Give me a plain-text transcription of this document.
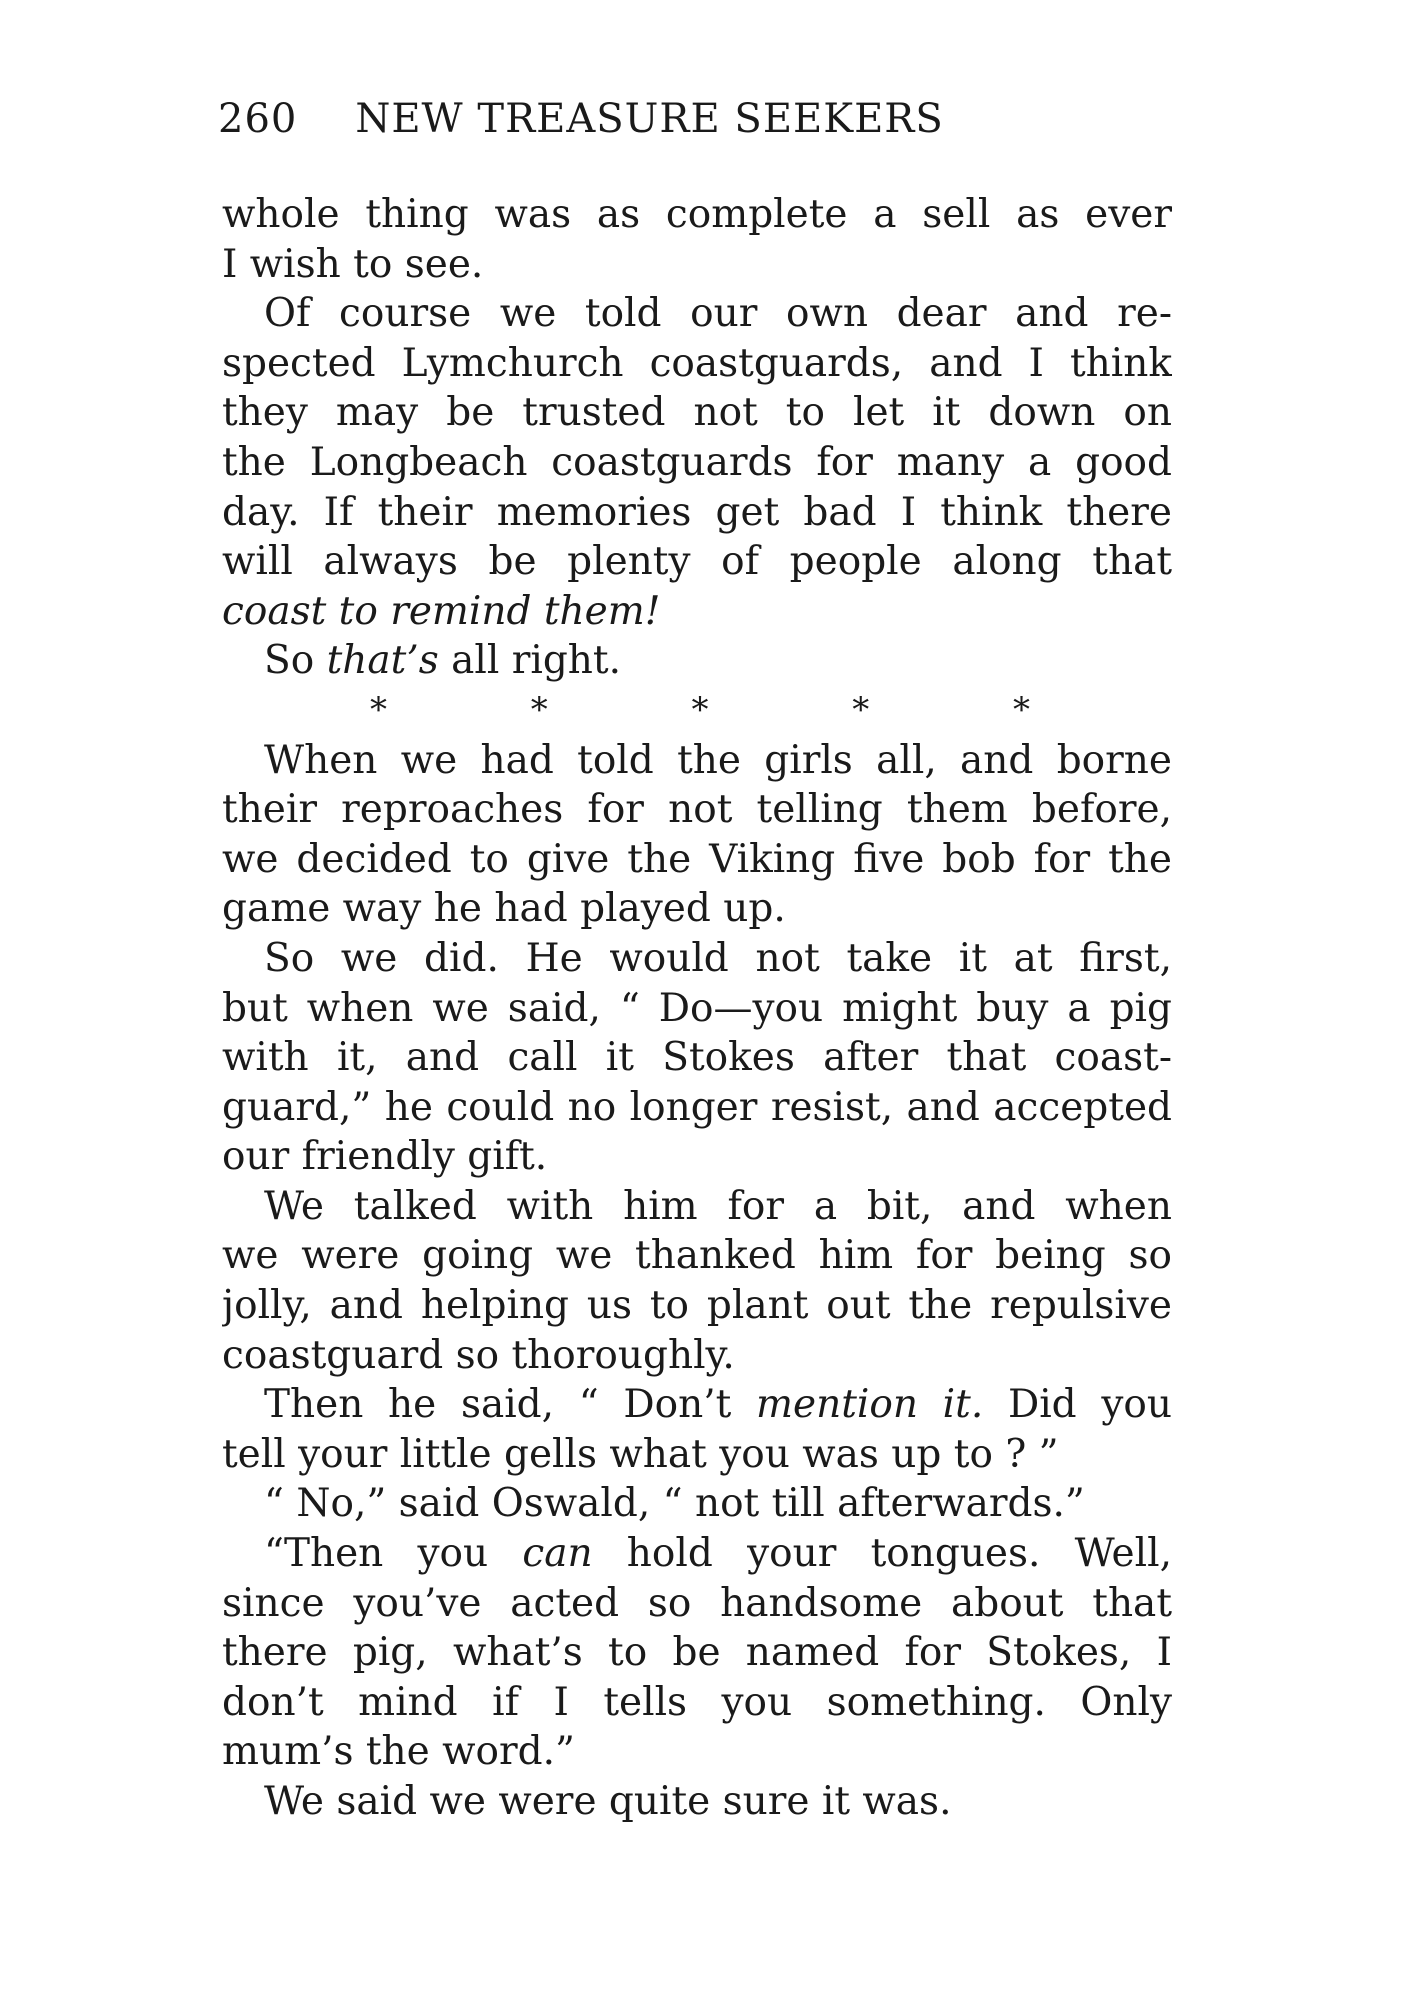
260 NEW TREASURE SEEKERS
whole thing was as complete a sell as ever
I wish to see.
Of course we told our own dear and re-
spected Lymchurch coastguards, and I think
they may be trusted not to let it down on
the Longbeach coastguards for many a good
day. If their memories get bad I think there
will always be plenty of people along that
coast to remind them!
So that’s all right.
*	*	*	*	*
When we had told the girls all, and borne
their reproaches for not telling them before,
we decided to give the Viking five bob for the
game way he had played up.
So we did. He would not take it at first,
but when we said, “ Do—you might buy a pig
with it, and call it Stokes after that coast-
guard,” he could no longer resist, and accepted
our friendly gift.
We talked with him for a bit, and when
we were going we thanked him for being so
jolly, and helping us to plant out the repulsive
coastguard so thoroughly.
Then he said, “ Don’t mention it. Did you
tell your little gells what you was up to ? ”
“ No,” said Oswald, “ not till afterwards.”
“Then you can hold your tongues. Well,
since you’ve acted so handsome about that
there pig, what’s to be named for Stokes, I
don’t mind if I tells you something. Only
mum’s the word.”
We said we were quite sure it was.
